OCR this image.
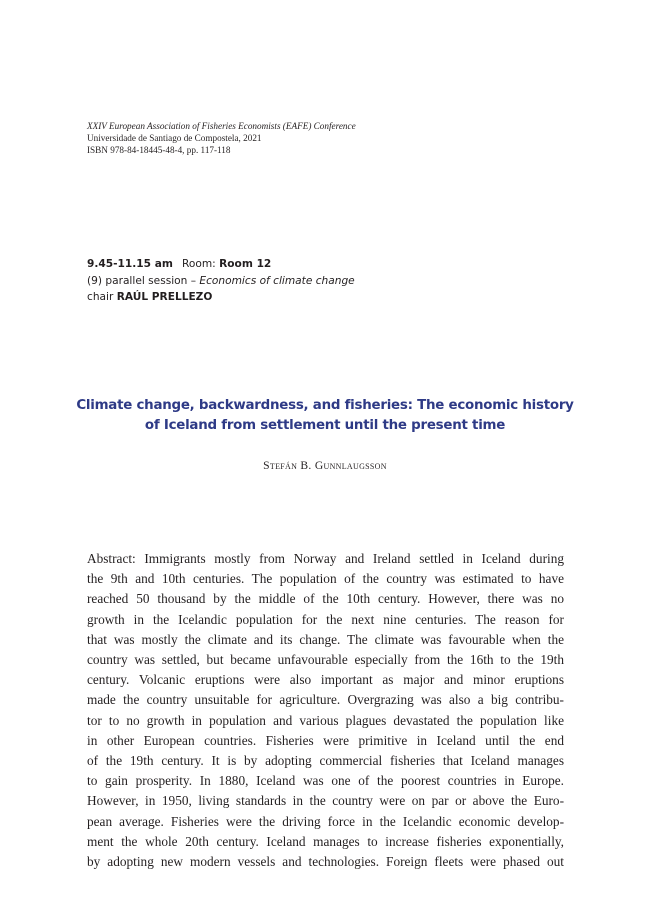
XXIV European Association of Fisheries Economists (EAFE) Conference
Universidade de Santiago de Compostela, 2021
ISBN 978-84-18445-48-4, pp. 117-118
9.45-11.15 am Room: Room 12
(9) parallel session – Economics of climate change
chair RAÚL PRELLEZO
Climate change, backwardness, and fisheries: The economic history
of Iceland from settlement until the present time
Stefán B. Gunnlaugsson
Abstract: Immigrants mostly from Norway and Ireland settled in Iceland during
the 9th and 10th centuries. The population of the country was estimated to have
reached 50 thousand by the middle of the 10th century. However, there was no
growth in the Icelandic population for the next nine centuries. The reason for
that was mostly the climate and its change. The climate was favourable when the
country was settled, but became unfavourable especially from the 16th to the 19th
century. Volcanic eruptions were also important as major and minor eruptions
made the country unsuitable for agriculture. Overgrazing was also a big contribu-
tor to no growth in population and various plagues devastated the population like
in other European countries. Fisheries were primitive in Iceland until the end
of the 19th century. It is by adopting commercial fisheries that Iceland manages
to gain prosperity. In 1880, Iceland was one of the poorest countries in Europe.
However, in 1950, living standards in the country were on par or above the Euro-
pean average. Fisheries were the driving force in the Icelandic economic develop-
ment the whole 20th century. Iceland manages to increase fisheries exponentially,
by adopting new modern vessels and technologies. Foreign fleets were phased out
